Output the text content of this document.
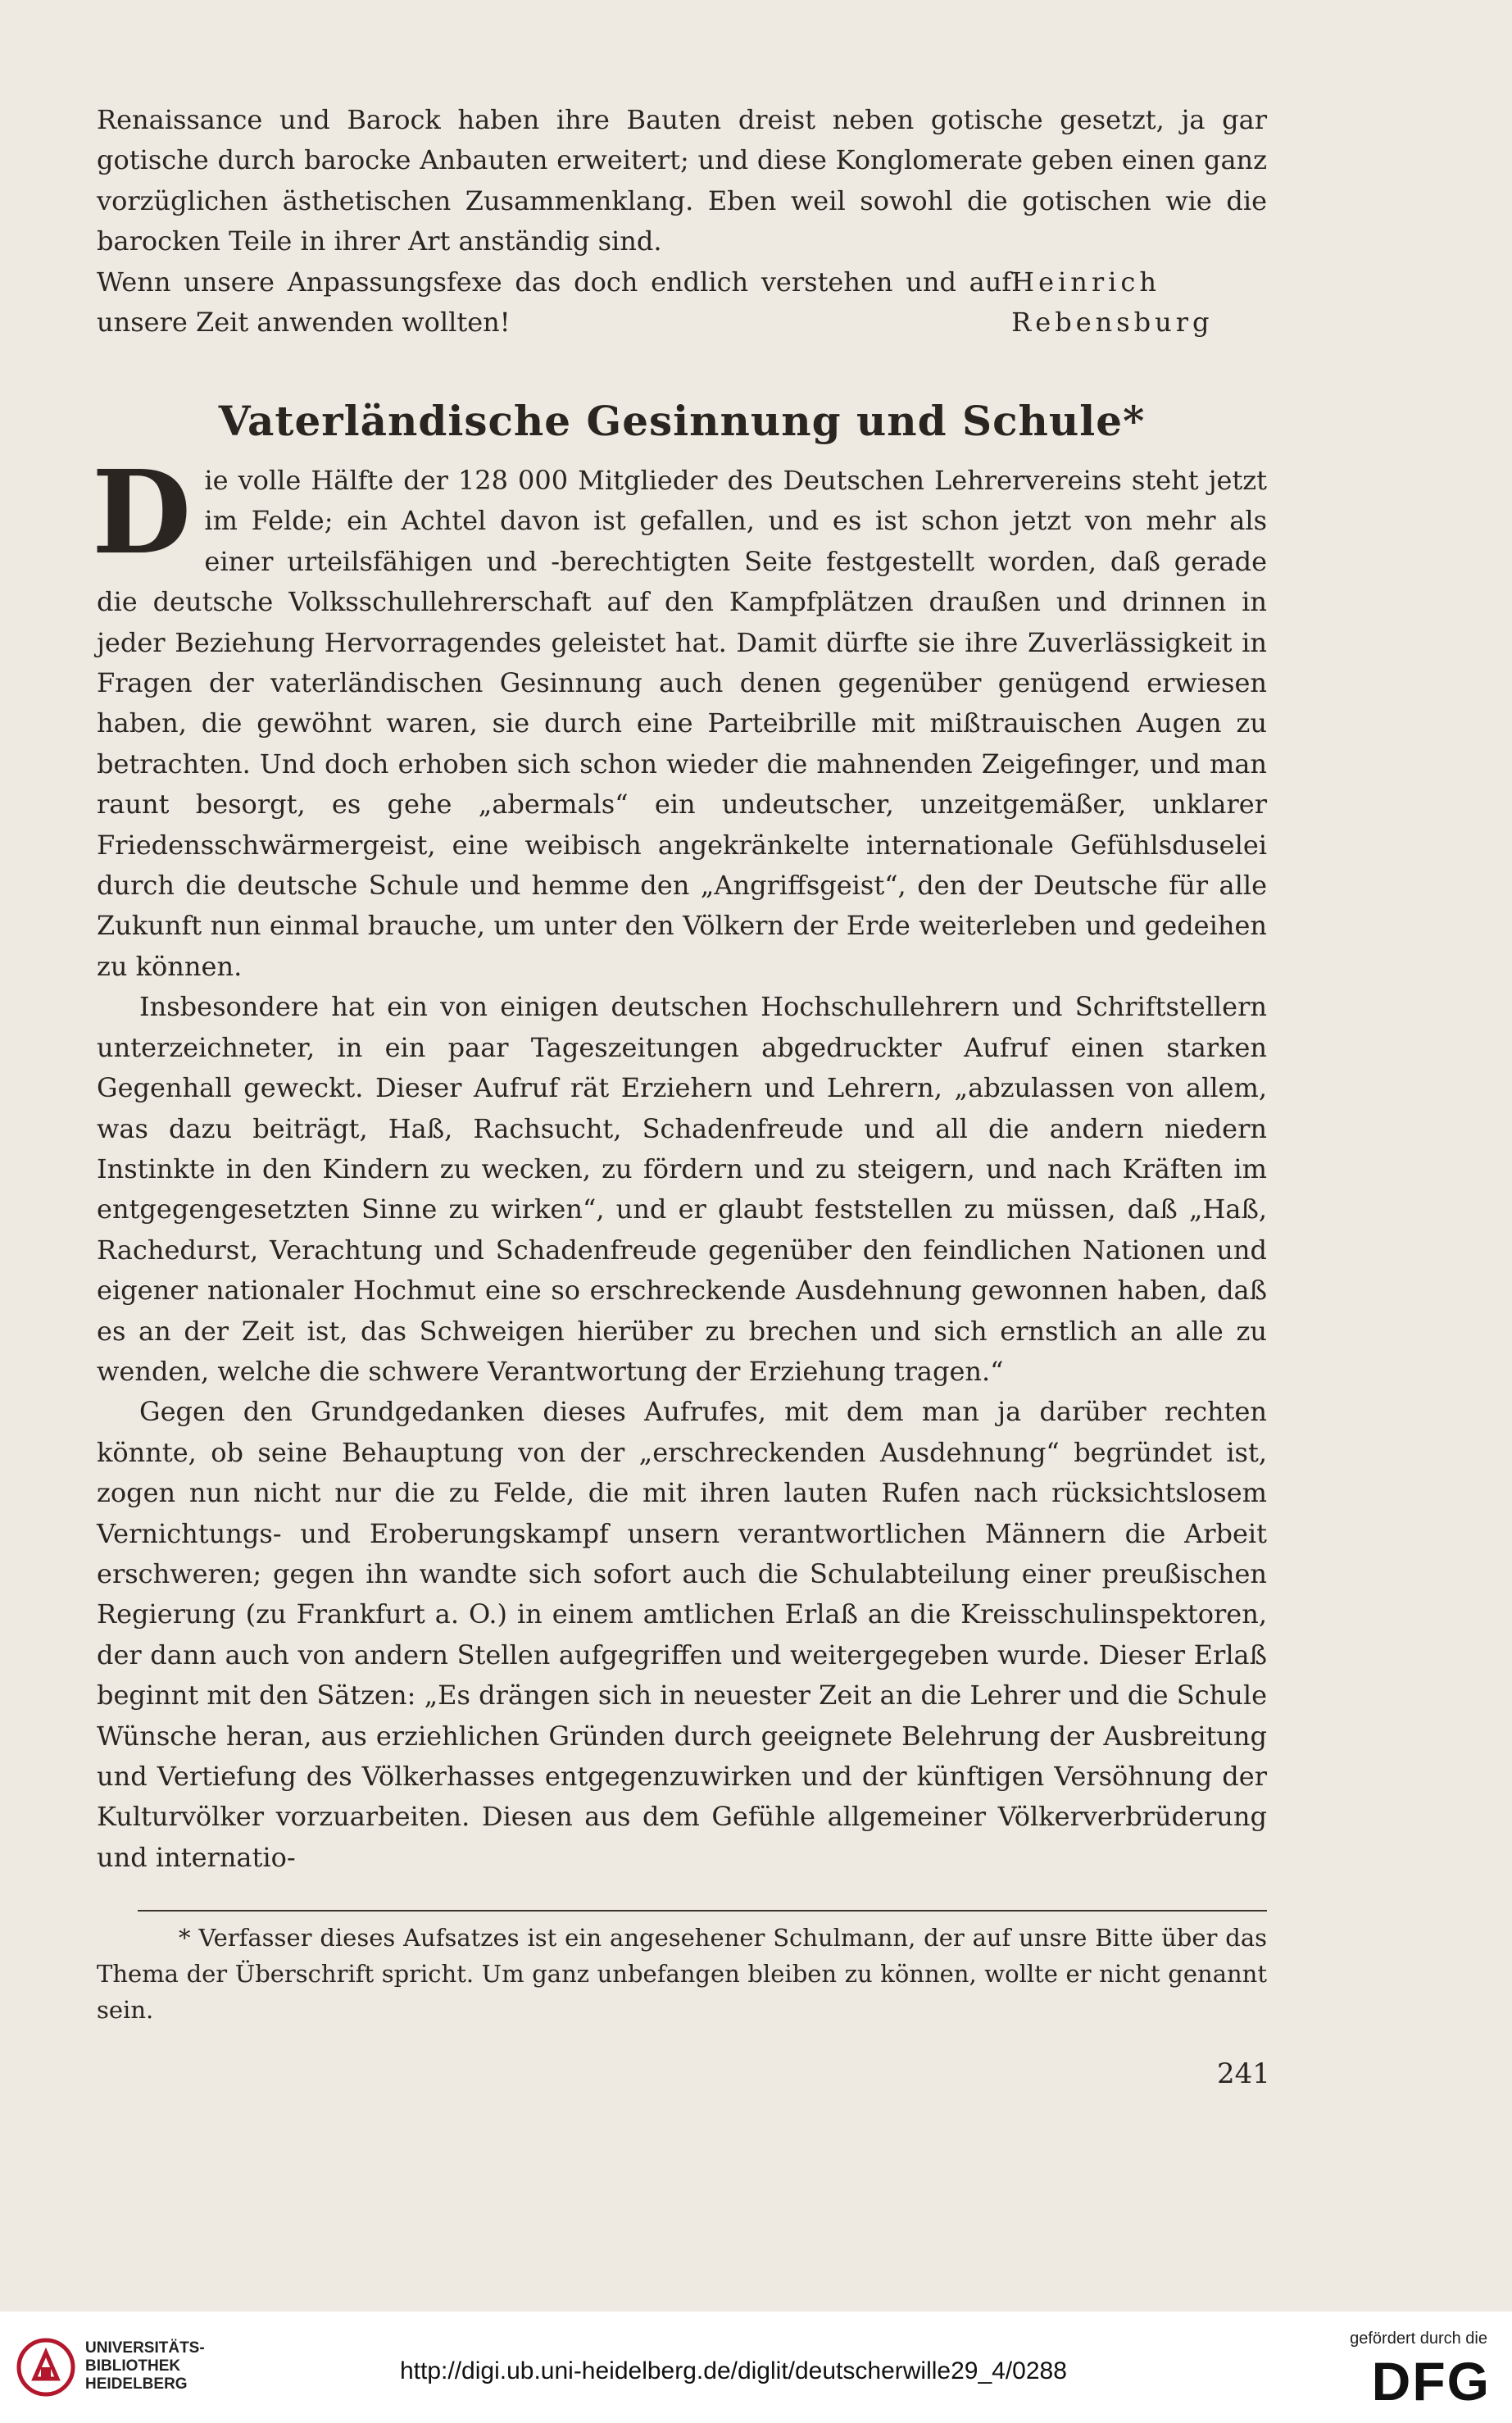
Renaissance und Barock haben ihre Bauten dreist neben gotische gesetzt, ja gar gotische durch barocke Anbauten erweitert; und diese Konglomerate geben einen ganz vorzüglichen ästhetischen Zusammenklang. Eben weil sowohl die gotischen wie die barocken Teile in ihrer Art anständig sind.
Wenn unsere Anpassungsfexe das doch endlich verstehen und auf unsere Zeit anwenden wollten!
Heinrich Rebensburg

Vaterländische Gesinnung und Schule*

D ie volle Hälfte der 128 000 Mitglieder des Deutschen Lehrervereins steht jetzt im Felde; ein Achtel davon ist gefallen, und es ist schon jetzt von mehr als einer urteilsfähigen und -berechtigten Seite festgestellt worden, daß gerade die deutsche Volksschullehrerschaft auf den Kampfplätzen draußen und drinnen in jeder Beziehung Hervorragendes geleistet hat. Damit dürfte sie ihre Zuverlässigkeit in Fragen der vaterländischen Gesinnung auch denen gegenüber genügend erwiesen haben, die gewöhnt waren, sie durch eine Parteibrille mit mißtrauischen Augen zu betrachten. Und doch erhoben sich schon wieder die mahnenden Zeigefinger, und man raunt besorgt, es gehe „abermals“ ein undeutscher, unzeitgemäßer, unklarer Friedensschwärmergeist, eine weibisch angekränkelte internationale Gefühlsduselei durch die deutsche Schule und hemme den „Angriffsgeist“, den der Deutsche für alle Zukunft nun einmal brauche, um unter den Völkern der Erde weiterleben und gedeihen zu können.

Insbesondere hat ein von einigen deutschen Hochschullehrern und Schriftstellern unterzeichneter, in ein paar Tageszeitungen abgedruckter Aufruf einen starken Gegenhall geweckt. Dieser Aufruf rät Erziehern und Lehrern, „abzulassen von allem, was dazu beiträgt, Haß, Rachsucht, Schadenfreude und all die andern niedern Instinkte in den Kindern zu wecken, zu fördern und zu steigern, und nach Kräften im entgegengesetzten Sinne zu wirken“, und er glaubt feststellen zu müssen, daß „Haß, Rachedurst, Verachtung und Schadenfreude gegenüber den feindlichen Nationen und eigener nationaler Hochmut eine so erschreckende Ausdehnung gewonnen haben, daß es an der Zeit ist, das Schweigen hierüber zu brechen und sich ernstlich an alle zu wenden, welche die schwere Verantwortung der Erziehung tragen.“

Gegen den Grundgedanken dieses Aufrufes, mit dem man ja darüber rechten könnte, ob seine Behauptung von der „erschreckenden Ausdehnung“ begründet ist, zogen nun nicht nur die zu Felde, die mit ihren lauten Rufen nach rücksichtslosem Vernichtungs- und Eroberungskampf unsern verantwortlichen Männern die Arbeit erschweren; gegen ihn wandte sich sofort auch die Schulabteilung einer preußischen Regierung (zu Frankfurt a. O.) in einem amtlichen Erlaß an die Kreisschulinspektoren, der dann auch von andern Stellen aufgegriffen und weitergegeben wurde. Dieser Erlaß beginnt mit den Sätzen: „Es drängen sich in neuester Zeit an die Lehrer und die Schule Wünsche heran, aus erziehlichen Gründen durch geeignete Belehrung der Ausbreitung und Vertiefung des Völkerhasses entgegenzuwirken und der künftigen Versöhnung der Kulturvölker vorzuarbeiten. Diesen aus dem Gefühle allgemeiner Völkerverbrüderung und internatio-

* Verfasser dieses Aufsatzes ist ein angesehener Schulmann, der auf unsre Bitte über das Thema der Überschrift spricht. Um ganz unbefangen bleiben zu können, wollte er nicht genannt sein.
241
UNIVERSITÄTS-
BIBLIOTHEK
HEIDELBERG	http://digi.ub.uni-heidelberg.de/diglit/deutscherwille29_4/0288
gefördert durch die
DFG
